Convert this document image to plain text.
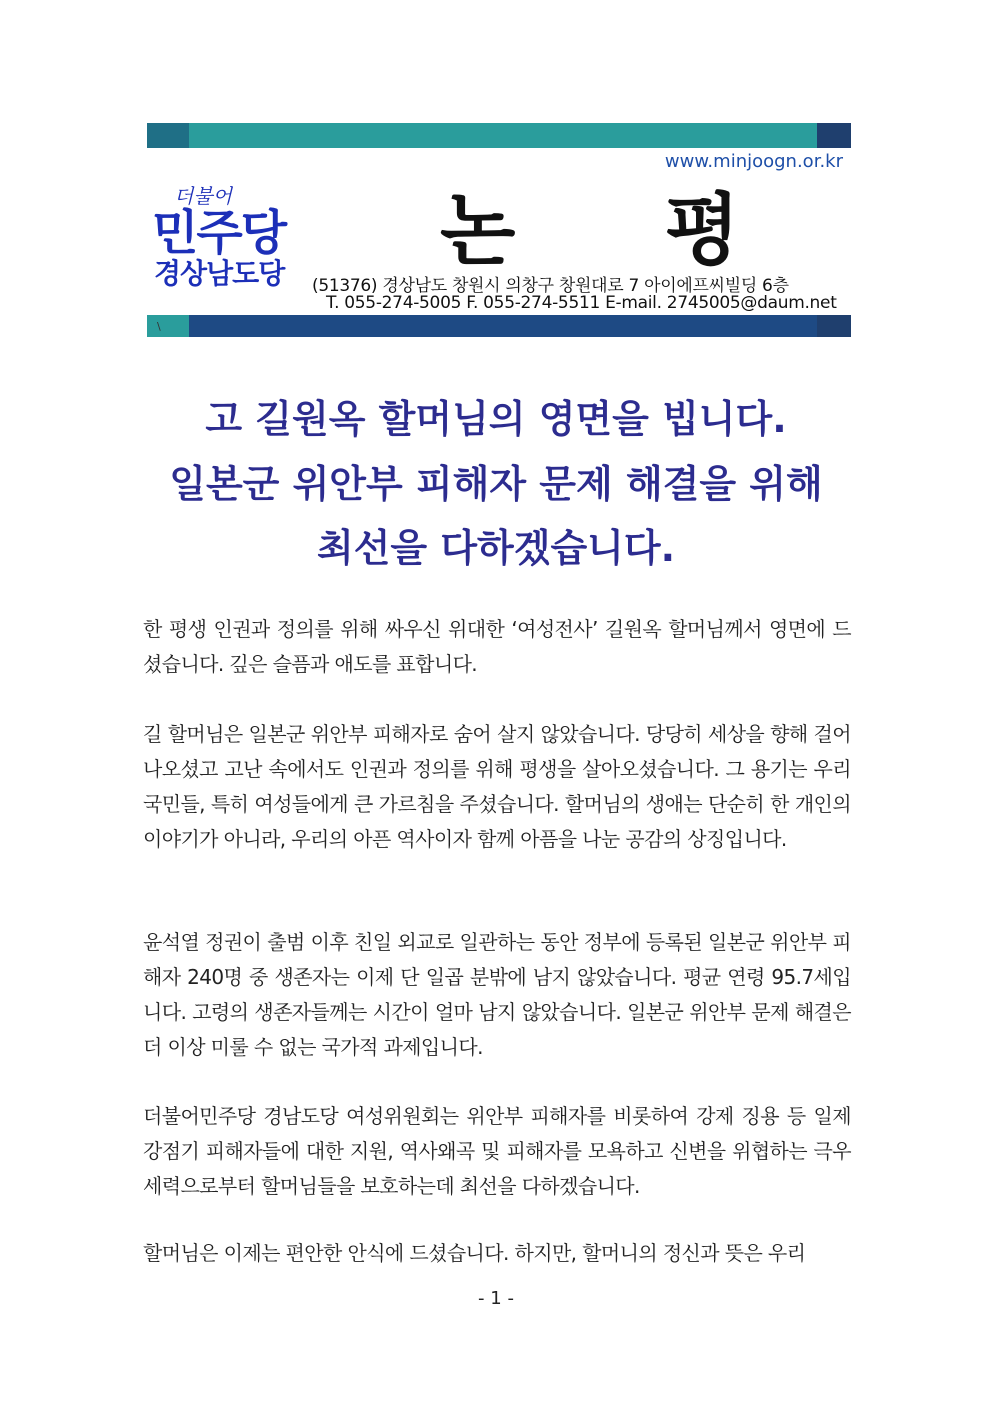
www.minjoogn.or.kr
더불어
민주당
경상남도당 논 평
(51376) 경상남도 창원시 의창구 창원대로 7 아이에프씨빌딩 6층
T. 055-274-5005 F. 055-274-5511 E-mail. 2745005@daum.net
\
고 길원옥 할머님의 영면을 빕니다.
일본군 위안부 피해자 문제 해결을 위해
최선을 다하겠습니다.
한 평생 인권과 정의를 위해 싸우신 위대한 ‘여성전사’ 길원옥 할머님께서 영면에 드셨습니다. 깊은 슬픔과 애도를 표합니다.
길 할머님은 일본군 위안부 피해자로 숨어 살지 않았습니다. 당당히 세상을 향해 걸어 나오셨고 고난 속에서도 인권과 정의를 위해 평생을 살아오셨습니다. 그 용기는 우리 국민들, 특히 여성들에게 큰 가르침을 주셨습니다. 할머님의 생애는 단순히 한 개인의 이야기가 아니라, 우리의 아픈 역사이자 함께 아픔을 나눈 공감의 상징입니다.
윤석열 정권이 출범 이후 친일 외교로 일관하는 동안 정부에 등록된 일본군 위안부 피해자 240명 중 생존자는 이제 단 일곱 분밖에 남지 않았습니다. 평균 연령 95.7세입니다. 고령의 생존자들께는 시간이 얼마 남지 않았습니다. 일본군 위안부 문제 해결은 더 이상 미룰 수 없는 국가적 과제입니다.
더불어민주당 경남도당 여성위원회는 위안부 피해자를 비롯하여 강제 징용 등 일제 강점기 피해자들에 대한 지원, 역사왜곡 및 피해자를 모욕하고 신변을 위협하는 극우 세력으로부터 할머님들을 보호하는데 최선을 다하겠습니다.
할머님은 이제는 편안한 안식에 드셨습니다. 하지만, 할머니의 정신과 뜻은 우리
- 1 -
